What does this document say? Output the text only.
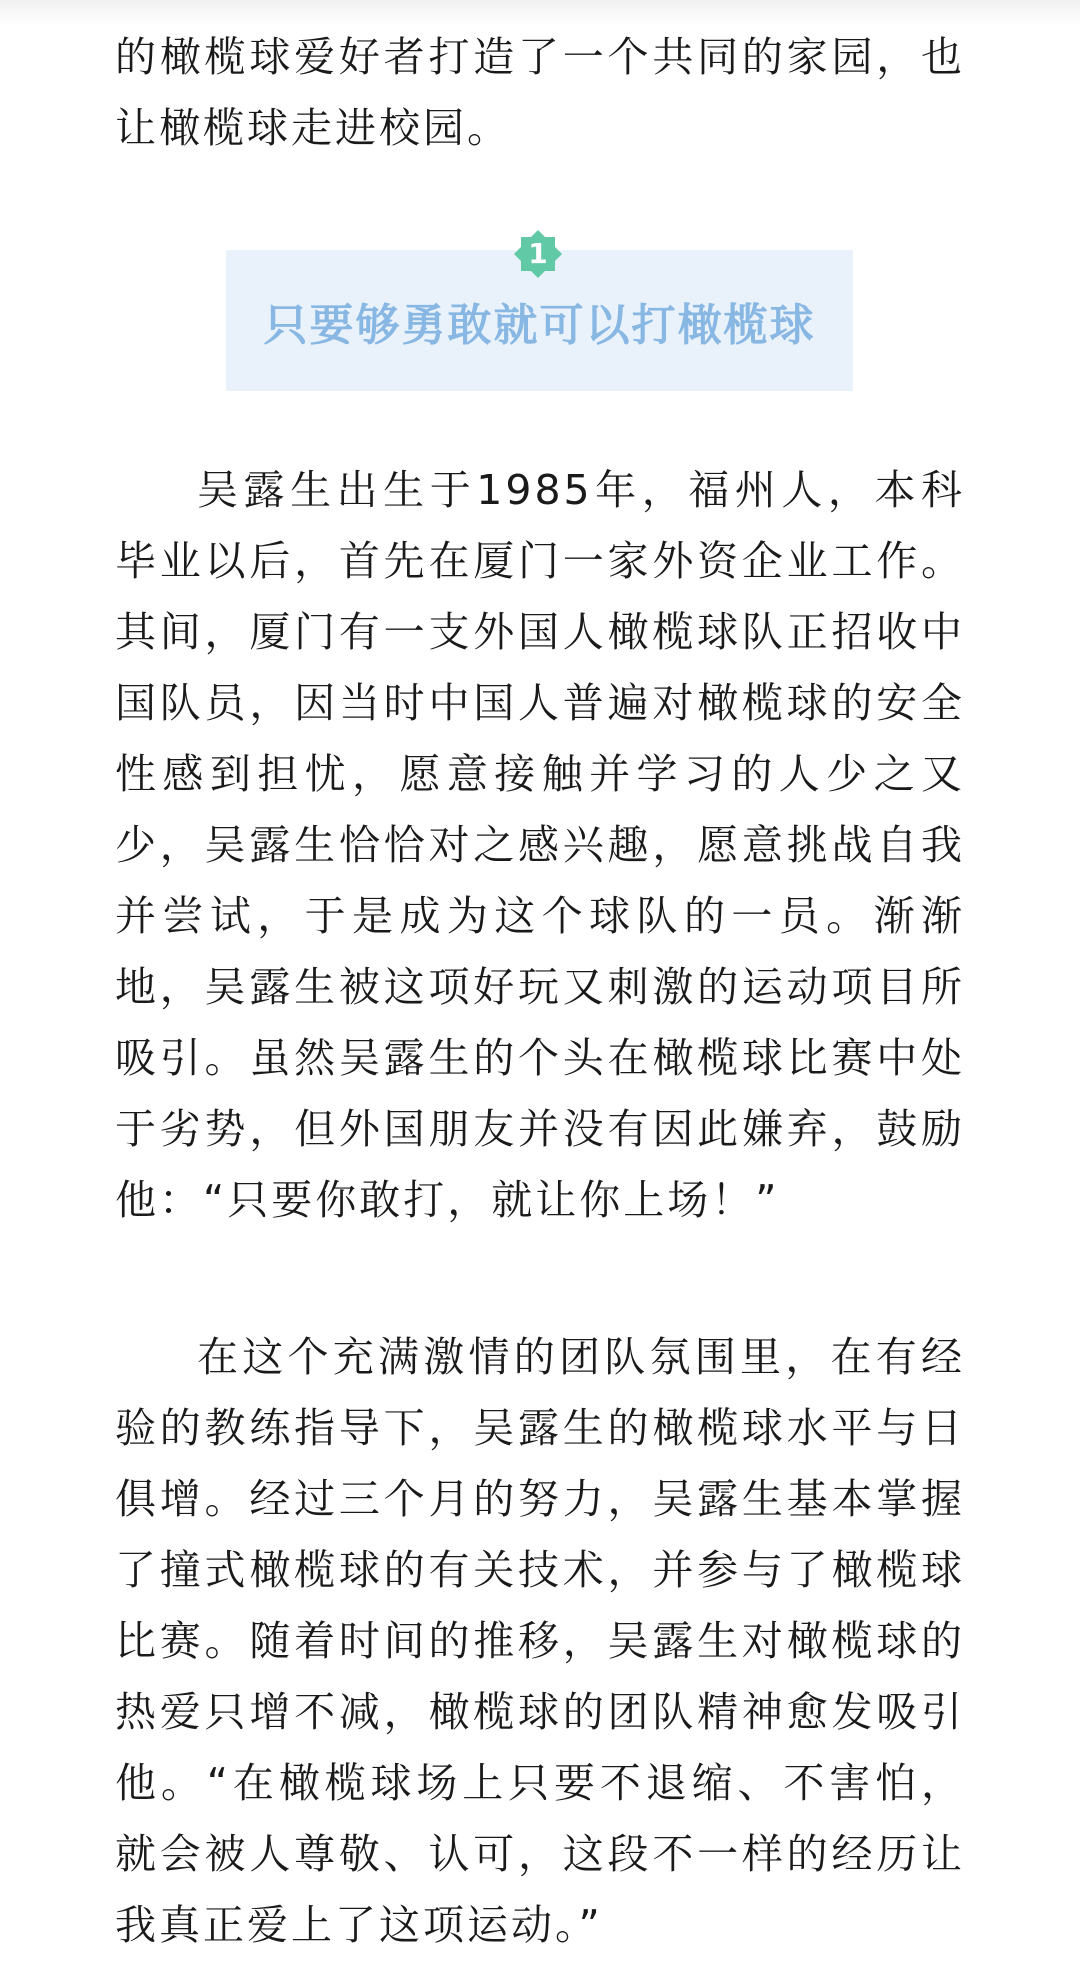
的橄榄球爱好者打造了一个共同的家园，也让橄榄球走进校园。

1
只要够勇敢就可以打橄榄球

吴露生出生于1985年，福州人，本科毕业以后，首先在厦门一家外资企业工作。其间，厦门有一支外国人橄榄球队正招收中国队员，因当时中国人普遍对橄榄球的安全性感到担忧，愿意接触并学习的人少之又少，吴露生恰恰对之感兴趣，愿意挑战自我并尝试，于是成为这个球队的一员。渐渐地，吴露生被这项好玩又刺激的运动项目所吸引。虽然吴露生的个头在橄榄球比赛中处于劣势，但外国朋友并没有因此嫌弃，鼓励他：“只要你敢打，就让你上场！”

在这个充满激情的团队氛围里，在有经验的教练指导下，吴露生的橄榄球水平与日俱增。经过三个月的努力，吴露生基本掌握了撞式橄榄球的有关技术，并参与了橄榄球比赛。随着时间的推移，吴露生对橄榄球的热爱只增不减，橄榄球的团队精神愈发吸引他。“在橄榄球场上只要不退缩、不害怕，就会被人尊敬、认可，这段不一样的经历让我真正爱上了这项运动。”
